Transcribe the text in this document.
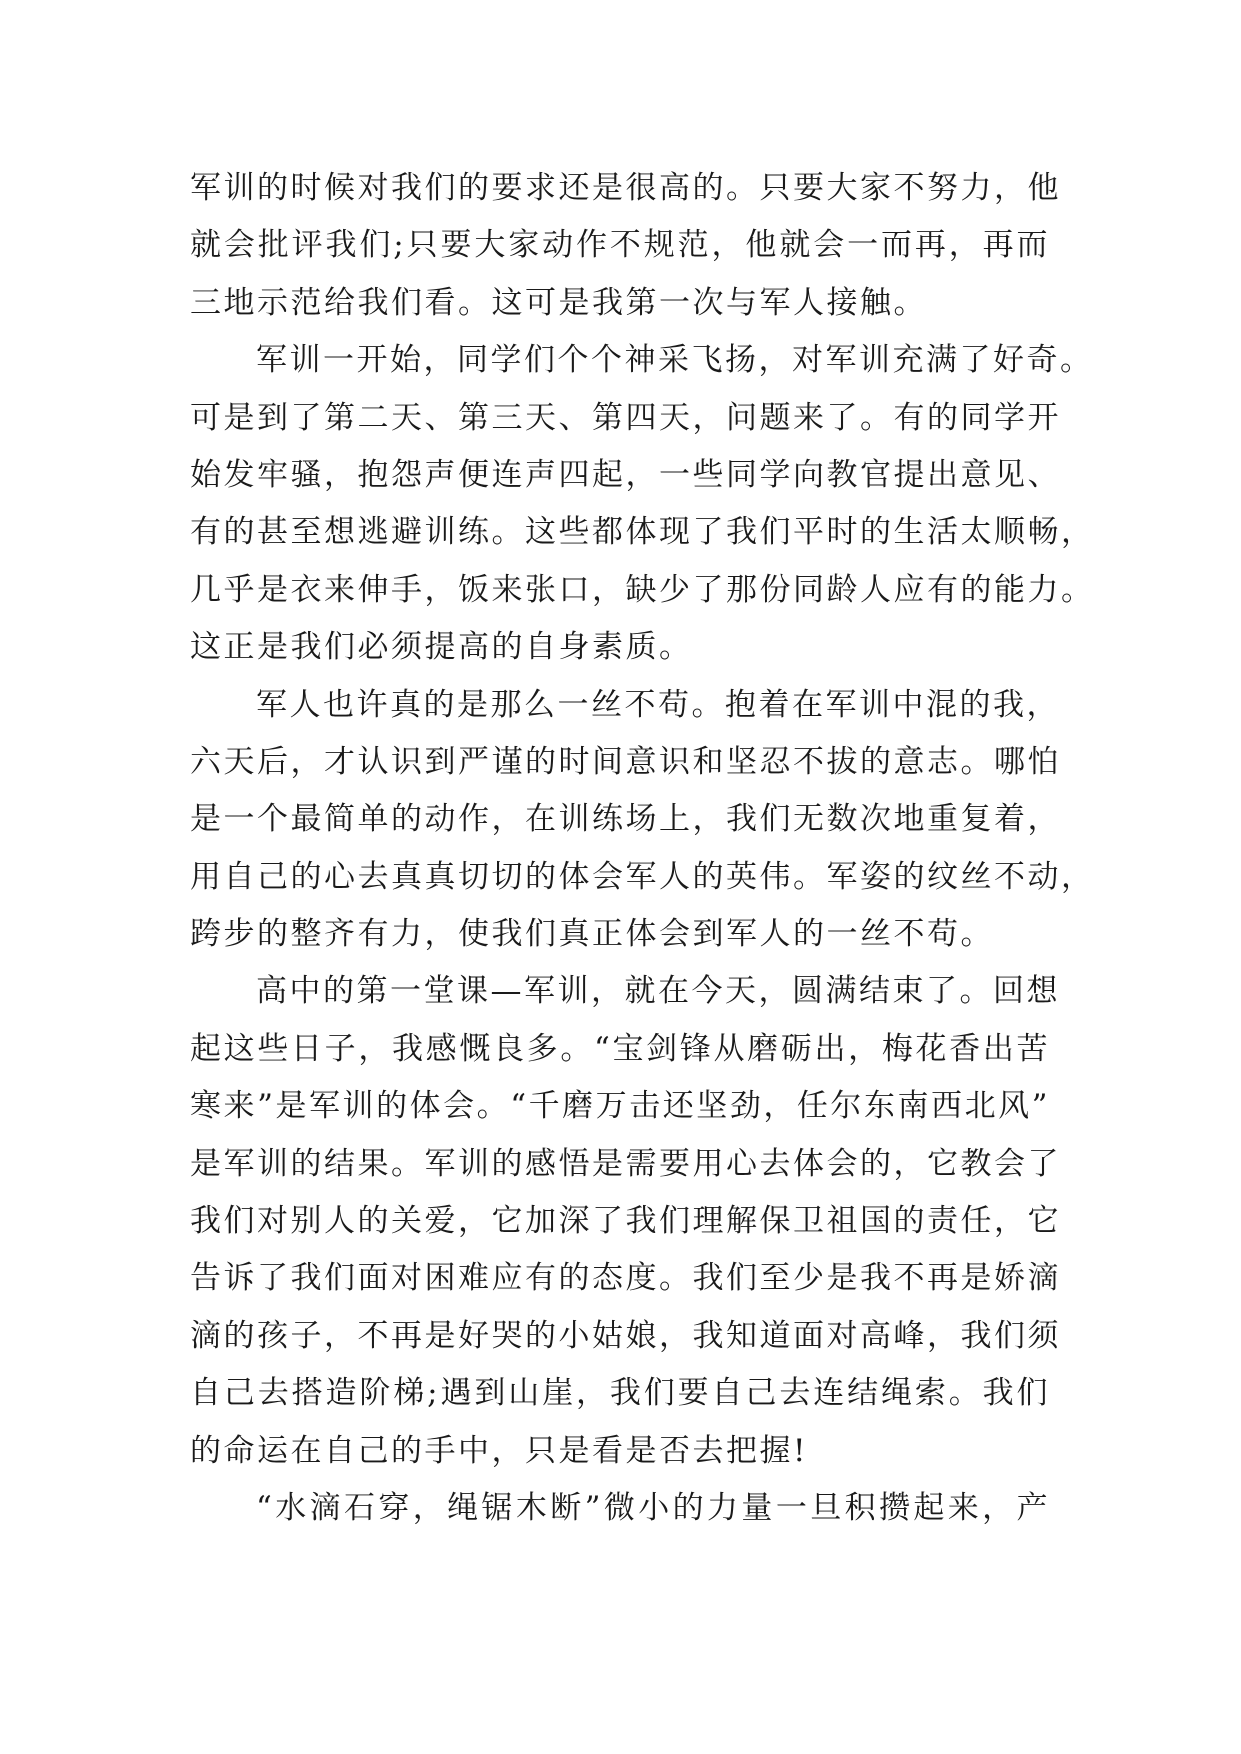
军训的时候对我们的要求还是很高的。只要大家不努力，他
就会批评我们;只要大家动作不规范，他就会一而再，再而
三地示范给我们看。这可是我第一次与军人接触。
军训一开始，同学们个个神采飞扬，对军训充满了好奇。
可是到了第二天、第三天、第四天，问题来了。有的同学开
始发牢骚，抱怨声便连声四起，一些同学向教官提出意见、
有的甚至想逃避训练。这些都体现了我们平时的生活太顺畅，
几乎是衣来伸手，饭来张口，缺少了那份同龄人应有的能力。
这正是我们必须提高的自身素质。
军人也许真的是那么一丝不苟。抱着在军训中混的我，
六天后，才认识到严谨的时间意识和坚忍不拔的意志。哪怕
是一个最简单的动作，在训练场上，我们无数次地重复着，
用自己的心去真真切切的体会军人的英伟。军姿的纹丝不动，
跨步的整齐有力，使我们真正体会到军人的一丝不苟。
高中的第一堂课—军训，就在今天，圆满结束了。回想
起这些日子，我感慨良多。“宝剑锋从磨砺出，梅花香出苦
寒来”是军训的体会。“千磨万击还坚劲，任尔东南西北风”
是军训的结果。军训的感悟是需要用心去体会的，它教会了
我们对别人的关爱，它加深了我们理解保卫祖国的责任，它
告诉了我们面对困难应有的态度。我们至少是我不再是娇滴
滴的孩子，不再是好哭的小姑娘，我知道面对高峰，我们须
自己去搭造阶梯;遇到山崖，我们要自己去连结绳索。我们
的命运在自己的手中，只是看是否去把握!
“水滴石穿，绳锯木断”微小的力量一旦积攒起来，产
